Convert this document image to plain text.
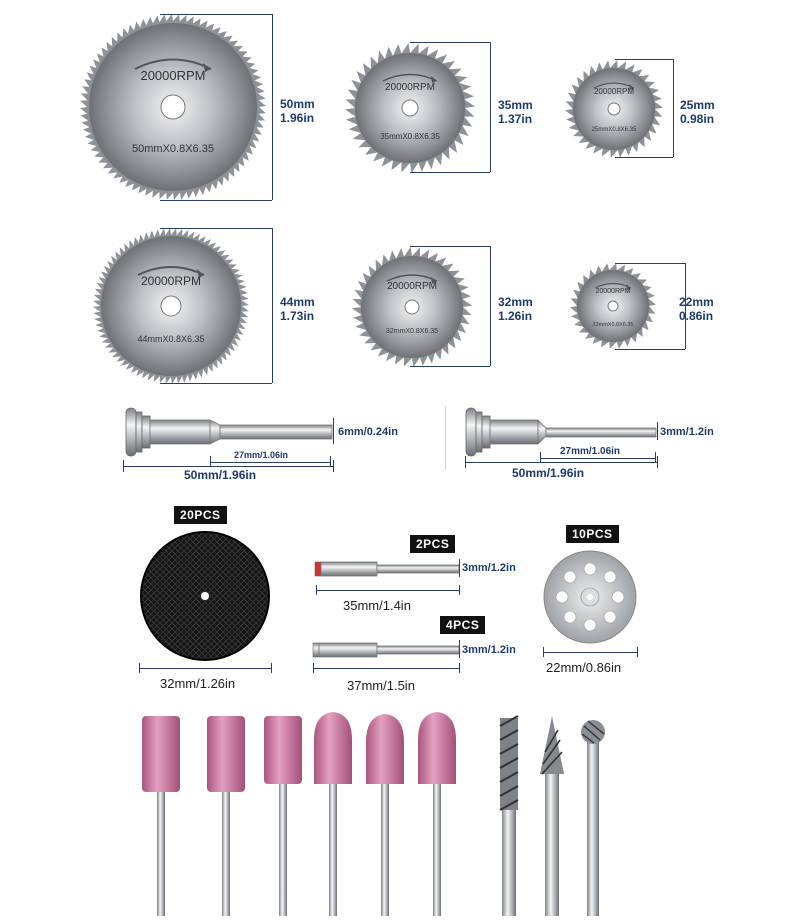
20000RPM
50mmX0.8X6.35
50mm
1.96in
20000RPM
35mmX0.8X6.35
35mm
1.37in
20000RPM
25mmX0.8X6.35
25mm
0.98in
20000RPM
44mmX0.8X6.35
44mm
1.73in
20000RPM
32mmX0.8X6.35
32mm
1.26in
20000RPM
22mmX0.8X6.35
22mm
0.86in
6mm/0.24in
27mm/1.06in
50mm/1.96in
3mm/1.2in
27mm/1.06in
50mm/1.96in
20PCS
32mm/1.26in
2PCS
3mm/1.2in
35mm/1.4in
4PCS
3mm/1.2in
37mm/1.5in
10PCS
22mm/0.86in
